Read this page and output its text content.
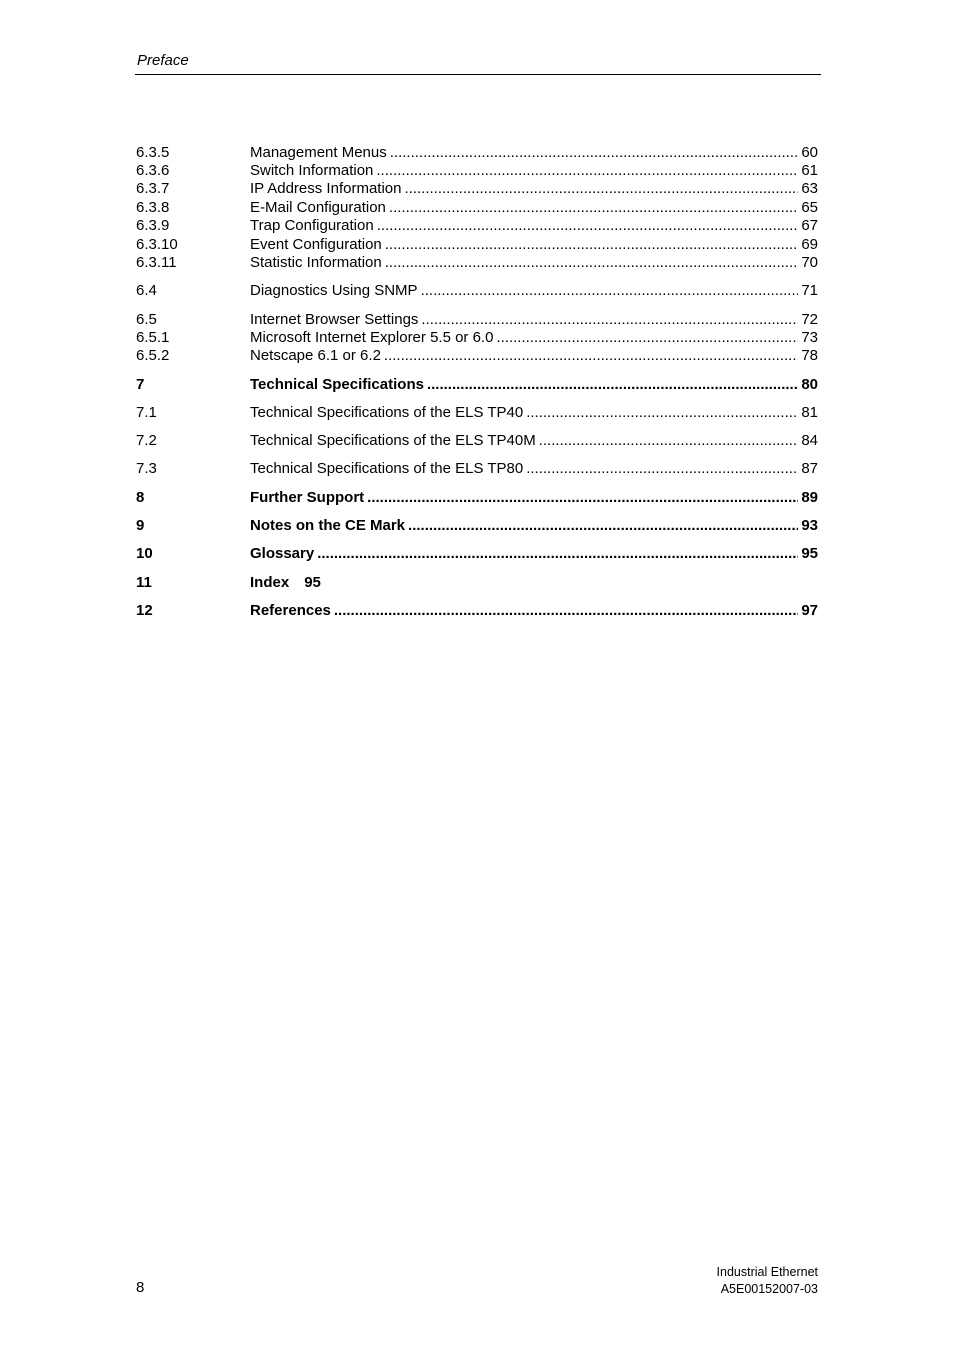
Preface
6.3.5	Management Menus .....	60
6.3.6	Switch Information .....	61
6.3.7	IP Address Information .....	63
6.3.8	E-Mail Configuration .....	65
6.3.9	Trap Configuration .....	67
6.3.10	Event Configuration .....	69
6.3.11	Statistic Information .....	70
6.4	Diagnostics Using SNMP .....	71
6.5	Internet Browser Settings .....	72
6.5.1	Microsoft Internet Explorer 5.5 or 6.0 .....	73
6.5.2	Netscape 6.1 or 6.2 .....	78
7	Technical Specifications .....	80
7.1	Technical Specifications of the ELS TP40 .....	81
7.2	Technical Specifications of the ELS TP40M .....	84
7.3	Technical Specifications of the ELS TP80 .....	87
8	Further Support .....	89
9	Notes on the CE Mark .....	93
10	Glossary .....	95
11	Index 95
12	References .....	97
8
Industrial Ethernet
A5E00152007-03
